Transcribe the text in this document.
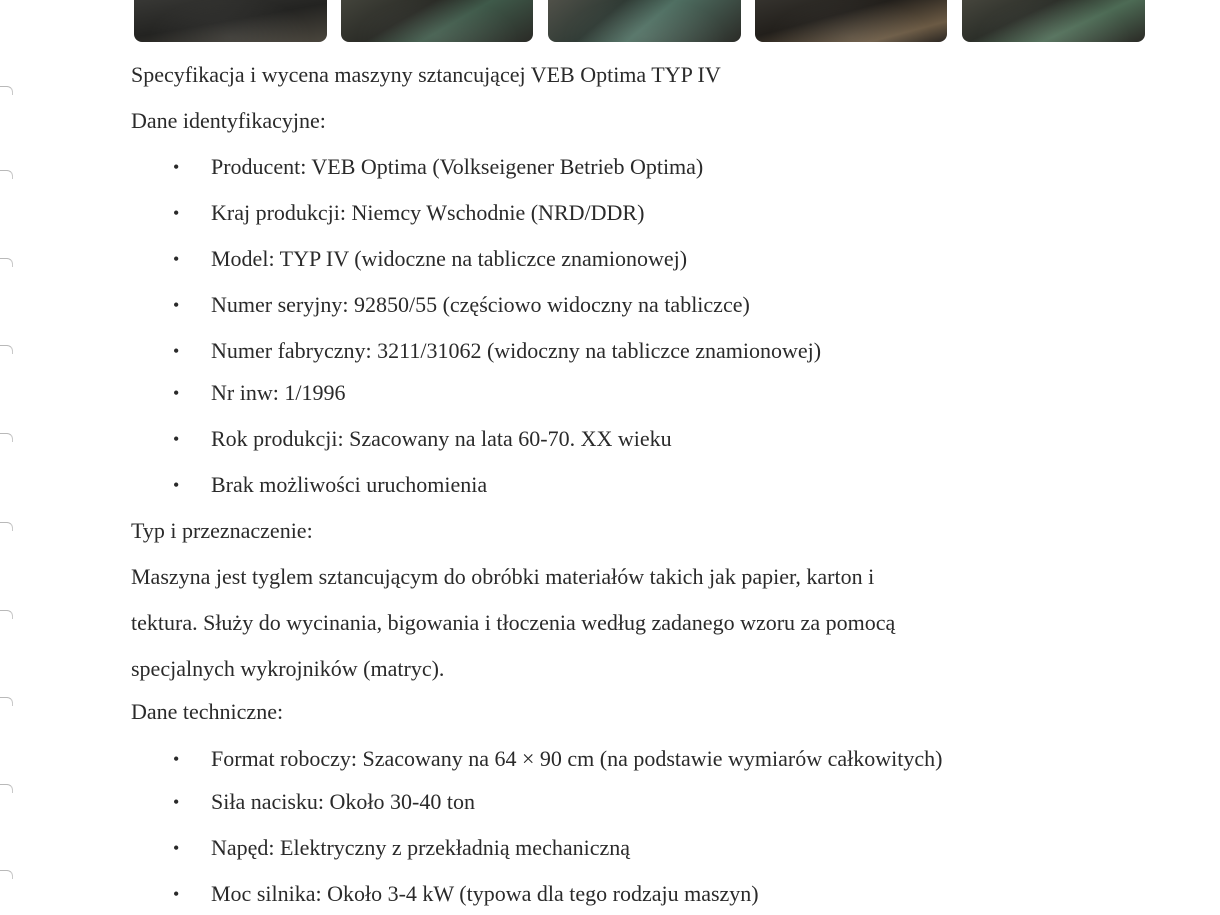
Specyfikacja i wycena maszyny sztancującej VEB Optima TYP IV
Dane identyfikacyjne:
• Producent: VEB Optima (Volkseigener Betrieb Optima)
• Kraj produkcji: Niemcy Wschodnie (NRD/DDR)
• Model: TYP IV (widoczne na tabliczce znamionowej)
• Numer seryjny: 92850/55 (częściowo widoczny na tabliczce)
• Numer fabryczny: 3211/31062 (widoczny na tabliczce znamionowej)
• Nr inw: 1/1996
• Rok produkcji: Szacowany na lata 60-70. XX wieku
• Brak możliwości uruchomienia
Typ i przeznaczenie:
Maszyna jest tyglem sztancującym do obróbki materiałów takich jak papier, karton i
tektura. Służy do wycinania, bigowania i tłoczenia według zadanego wzoru za pomocą
specjalnych wykrojników (matryc).
Dane techniczne:
• Format roboczy: Szacowany na 64 × 90 cm (na podstawie wymiarów całkowitych)
• Siła nacisku: Około 30-40 ton
• Napęd: Elektryczny z przekładnią mechaniczną
• Moc silnika: Około 3-4 kW (typowa dla tego rodzaju maszyn)
